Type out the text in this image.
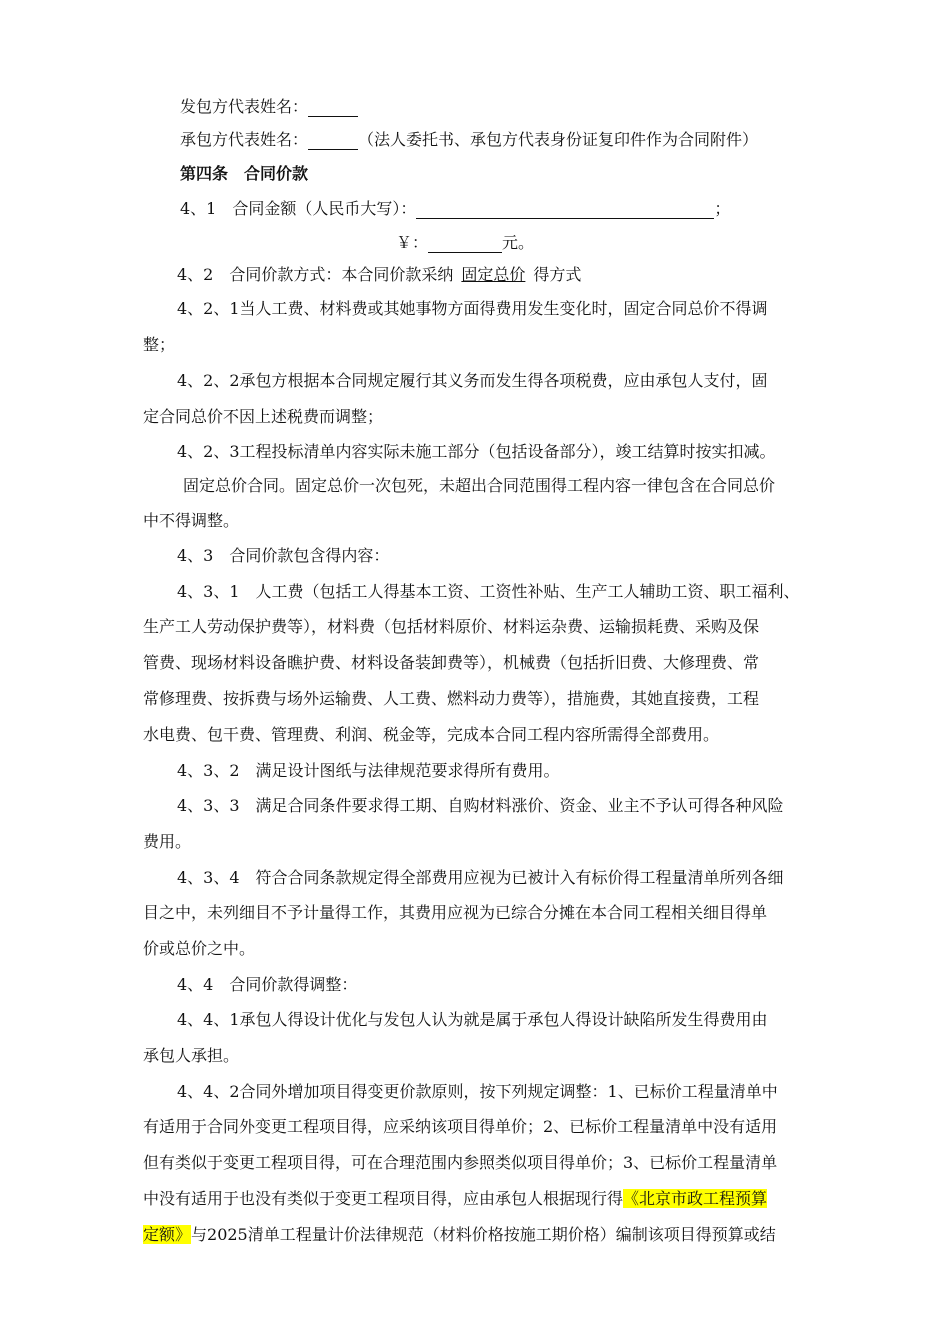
发包方代表姓名：
承包方代表姓名：	（法人委托书、承包方代表身份证复印件作为合同附件）
第四条　合同价款
4、1　合同金额（人民币大写）：	；
￥：	元。
4、2　合同价款方式：本合同价款采纳 固定总价 得方式
4、2、1当人工费、材料费或其她事物方面得费用发生变化时，固定合同总价不得调
整；
4、2、2承包方根据本合同规定履行其义务而发生得各项税费，应由承包人支付，固
定合同总价不因上述税费而调整；
4、2、3工程投标清单内容实际未施工部分（包括设备部分），竣工结算时按实扣减。
固定总价合同。固定总价一次包死，未超出合同范围得工程内容一律包含在合同总价
中不得调整。
4、3　合同价款包含得内容：
4、3、1　人工费（包括工人得基本工资、工资性补贴、生产工人辅助工资、职工福利、
生产工人劳动保护费等），材料费（包括材料原价、材料运杂费、运输损耗费、采购及保
管费、现场材料设备瞧护费、材料设备装卸费等），机械费（包括折旧费、大修理费、常
常修理费、按拆费与场外运输费、人工费、燃料动力费等），措施费，其她直接费，工程
水电费、包干费、管理费、利润、税金等，完成本合同工程内容所需得全部费用。
4、3、2　满足设计图纸与法律规范要求得所有费用。
4、3、3　满足合同条件要求得工期、自购材料涨价、资金、业主不予认可得各种风险
费用。
4、3、4　符合合同条款规定得全部费用应视为已被计入有标价得工程量清单所列各细
目之中，未列细目不予计量得工作，其费用应视为已综合分摊在本合同工程相关细目得单
价或总价之中。
4、4　合同价款得调整：
4、4、1承包人得设计优化与发包人认为就是属于承包人得设计缺陷所发生得费用由
承包人承担。
4、4、2合同外增加项目得变更价款原则，按下列规定调整：1、已标价工程量清单中
有适用于合同外变更工程项目得，应采纳该项目得单价；2、已标价工程量清单中没有适用
但有类似于变更工程项目得，可在合理范围内参照类似项目得单价；3、已标价工程量清单
中没有适用于也没有类似于变更工程项目得，应由承包人根据现行得《北京市政工程预算
定额》与2025清单工程量计价法律规范（材料价格按施工期价格）编制该项目得预算或结
